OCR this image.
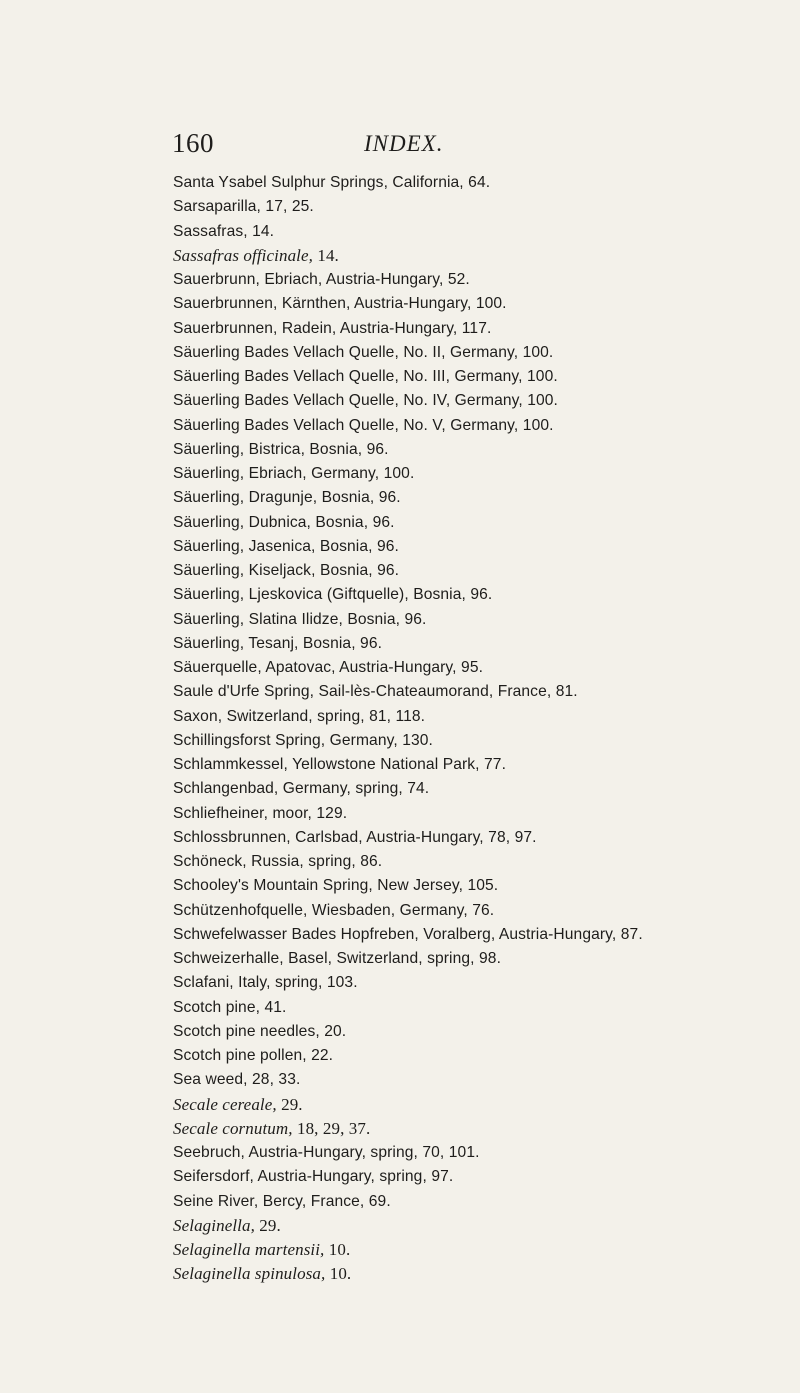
160	INDEX.
Santa Ysabel Sulphur Springs, California, 64.
Sarsaparilla, 17, 25.
Sassafras, 14.
Sassafras officinale, 14.
Sauerbrunn, Ebriach, Austria-Hungary, 52.
Sauerbrunnen, Kärnthen, Austria-Hungary, 100.
Sauerbrunnen, Radein, Austria-Hungary, 117.
Säuerling Bades Vellach Quelle, No. II, Germany, 100.
Säuerling Bades Vellach Quelle, No. III, Germany, 100.
Säuerling Bades Vellach Quelle, No. IV, Germany, 100.
Säuerling Bades Vellach Quelle, No. V, Germany, 100.
Säuerling, Bistrica, Bosnia, 96.
Säuerling, Ebriach, Germany, 100.
Säuerling, Dragunje, Bosnia, 96.
Säuerling, Dubnica, Bosnia, 96.
Säuerling, Jasenica, Bosnia, 96.
Säuerling, Kiseljack, Bosnia, 96.
Säuerling, Ljeskovica (Giftquelle), Bosnia, 96.
Säuerling, Slatina Ilidze, Bosnia, 96.
Säuerling, Tesanj, Bosnia, 96.
Säuerquelle, Apatovac, Austria-Hungary, 95.
Saule d'Urfe Spring, Sail-lès-Chateaumorand, France, 81.
Saxon, Switzerland, spring, 81, 118.
Schillingsforst Spring, Germany, 130.
Schlammkessel, Yellowstone National Park, 77.
Schlangenbad, Germany, spring, 74.
Schliefheiner, moor, 129.
Schlossbrunnen, Carlsbad, Austria-Hungary, 78, 97.
Schöneck, Russia, spring, 86.
Schooley's Mountain Spring, New Jersey, 105.
Schützenhofquelle, Wiesbaden, Germany, 76.
Schwefelwasser Bades Hopfreben, Voralberg, Austria-Hungary, 87.
Schweizerhalle, Basel, Switzerland, spring, 98.
Sclafani, Italy, spring, 103.
Scotch pine, 41.
Scotch pine needles, 20.
Scotch pine pollen, 22.
Sea weed, 28, 33.
Secale cereale, 29.
Secale cornutum, 18, 29, 37.
Seebruch, Austria-Hungary, spring, 70, 101.
Seifersdorf, Austria-Hungary, spring, 97.
Seine River, Bercy, France, 69.
Selaginella, 29.
Selaginella martensii, 10.
Selaginella spinulosa, 10.
